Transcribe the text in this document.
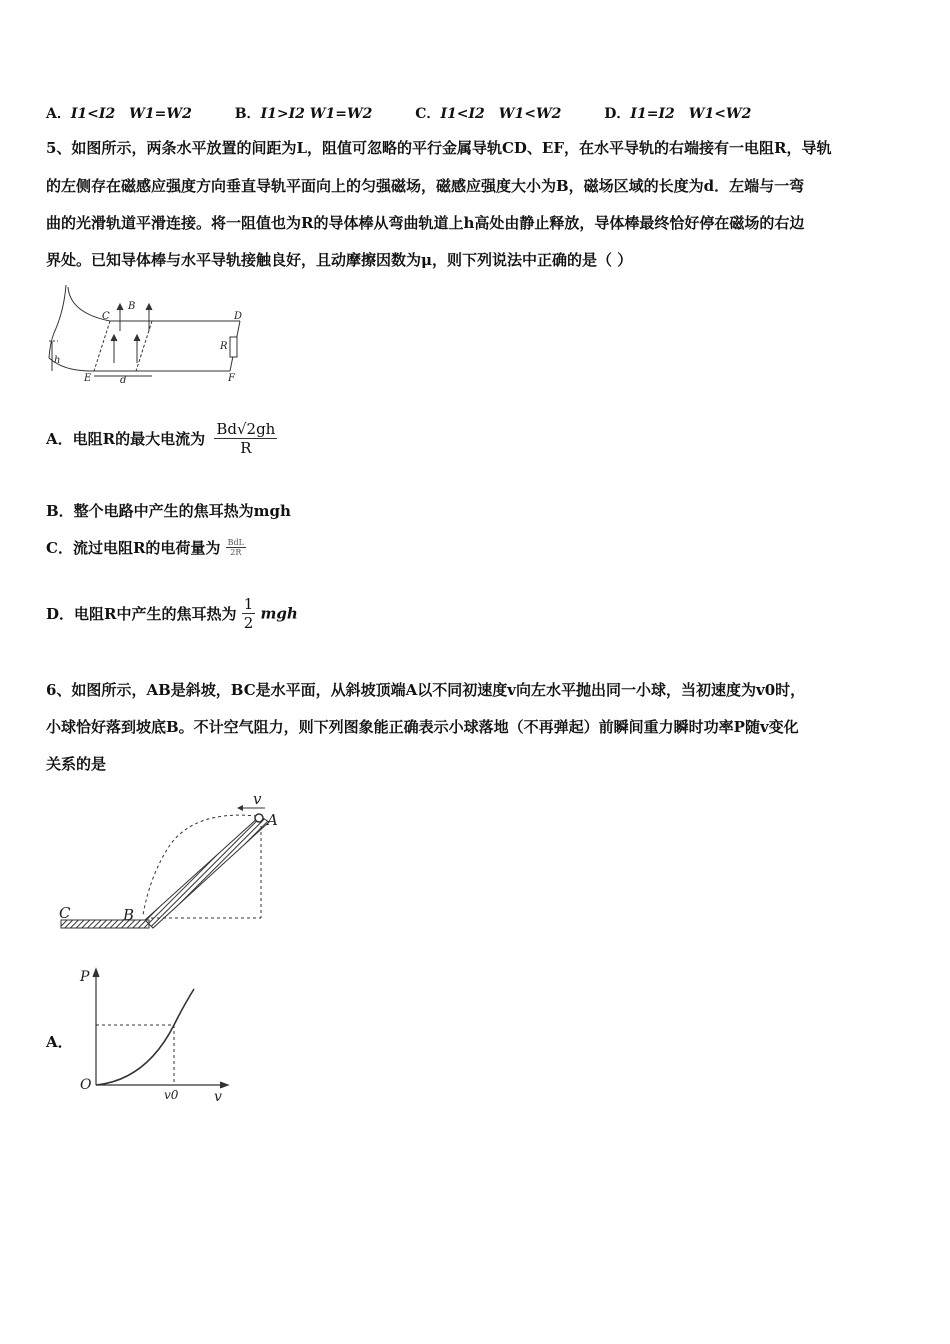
A．I1<I2　W1=W2	B．I1>I2 W1=W2	C．I1<I2　W1<W2	D．I1=I2　W1<W2
5、如图所示，两条水平放置的间距为L，阻值可忽略的平行金属导轨CD、EF，在水平导轨的右端接有一电阻R，导轨
的左侧存在磁感应强度方向垂直导轨平面向上的匀强磁场，磁感应强度大小为B，磁场区域的长度为d．左端与一弯
曲的光滑轨道平滑连接。将一阻值也为R的导体棒从弯曲轨道上h高处由静止释放，导体棒最终恰好停在磁场的右边
界处。已知导体棒与水平导轨接触良好，且动摩擦因数为μ，则下列说法中正确的是（ ）
C
B
D
R
h
E	d	F
A．电阻R的最大电流为 $\frac{Bd√2gh}{R}$
B．整个电路中产生的焦耳热为mgh
C．流过电阻R的电荷量为 $\frac{\text{BdL}}{2R}$
D．电阻R中产生的焦耳热为 $\frac{1}{2}$ mgh
6、如图所示，AB是斜坡，BC是水平面，从斜坡顶端A以不同初速度v向左水平抛出同一小球，当初速度为v0时，
小球恰好落到坡底B。不计空气阻力，则下列图象能正确表示小球落地（不再弹起）前瞬间重力瞬时功率P随v变化
关系的是
v
A
B
C
A．
P
O
v0	v
